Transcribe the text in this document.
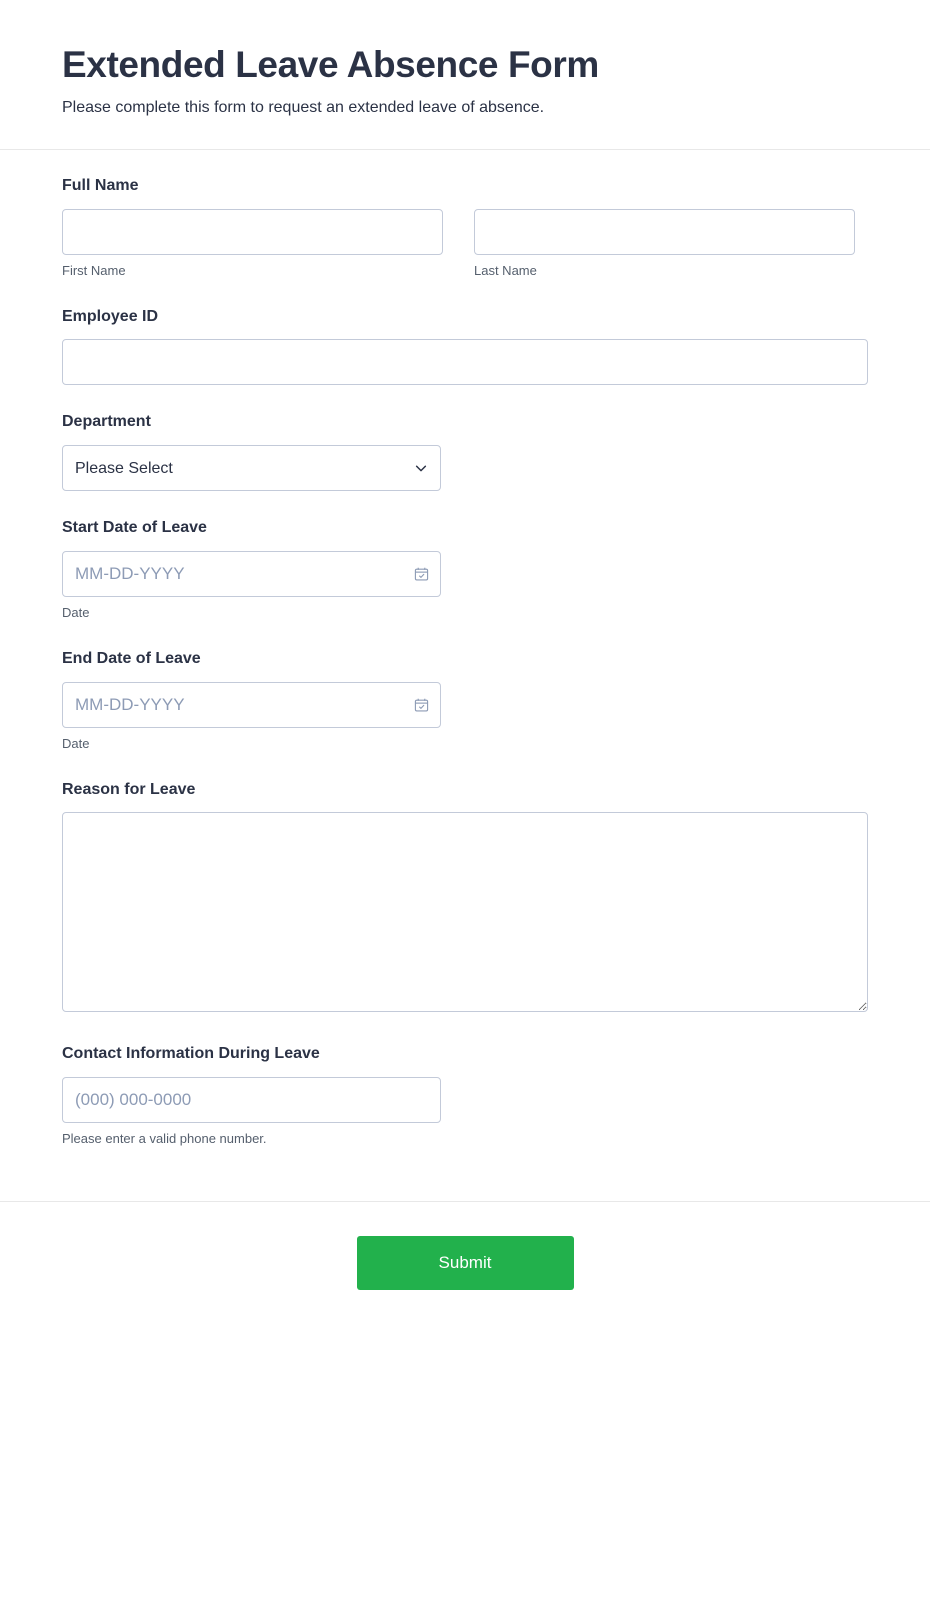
Extended Leave Absence Form

Please complete this form to request an extended leave of absence.

Full Name
First Name	Last Name
Employee ID
Department
Please Select
Start Date of Leave
MM-DD-YYYY
Date
End Date of Leave
MM-DD-YYYY
Date
Reason for Leave
Contact Information During Leave
(000) 000-0000
Please enter a valid phone number.
Submit
